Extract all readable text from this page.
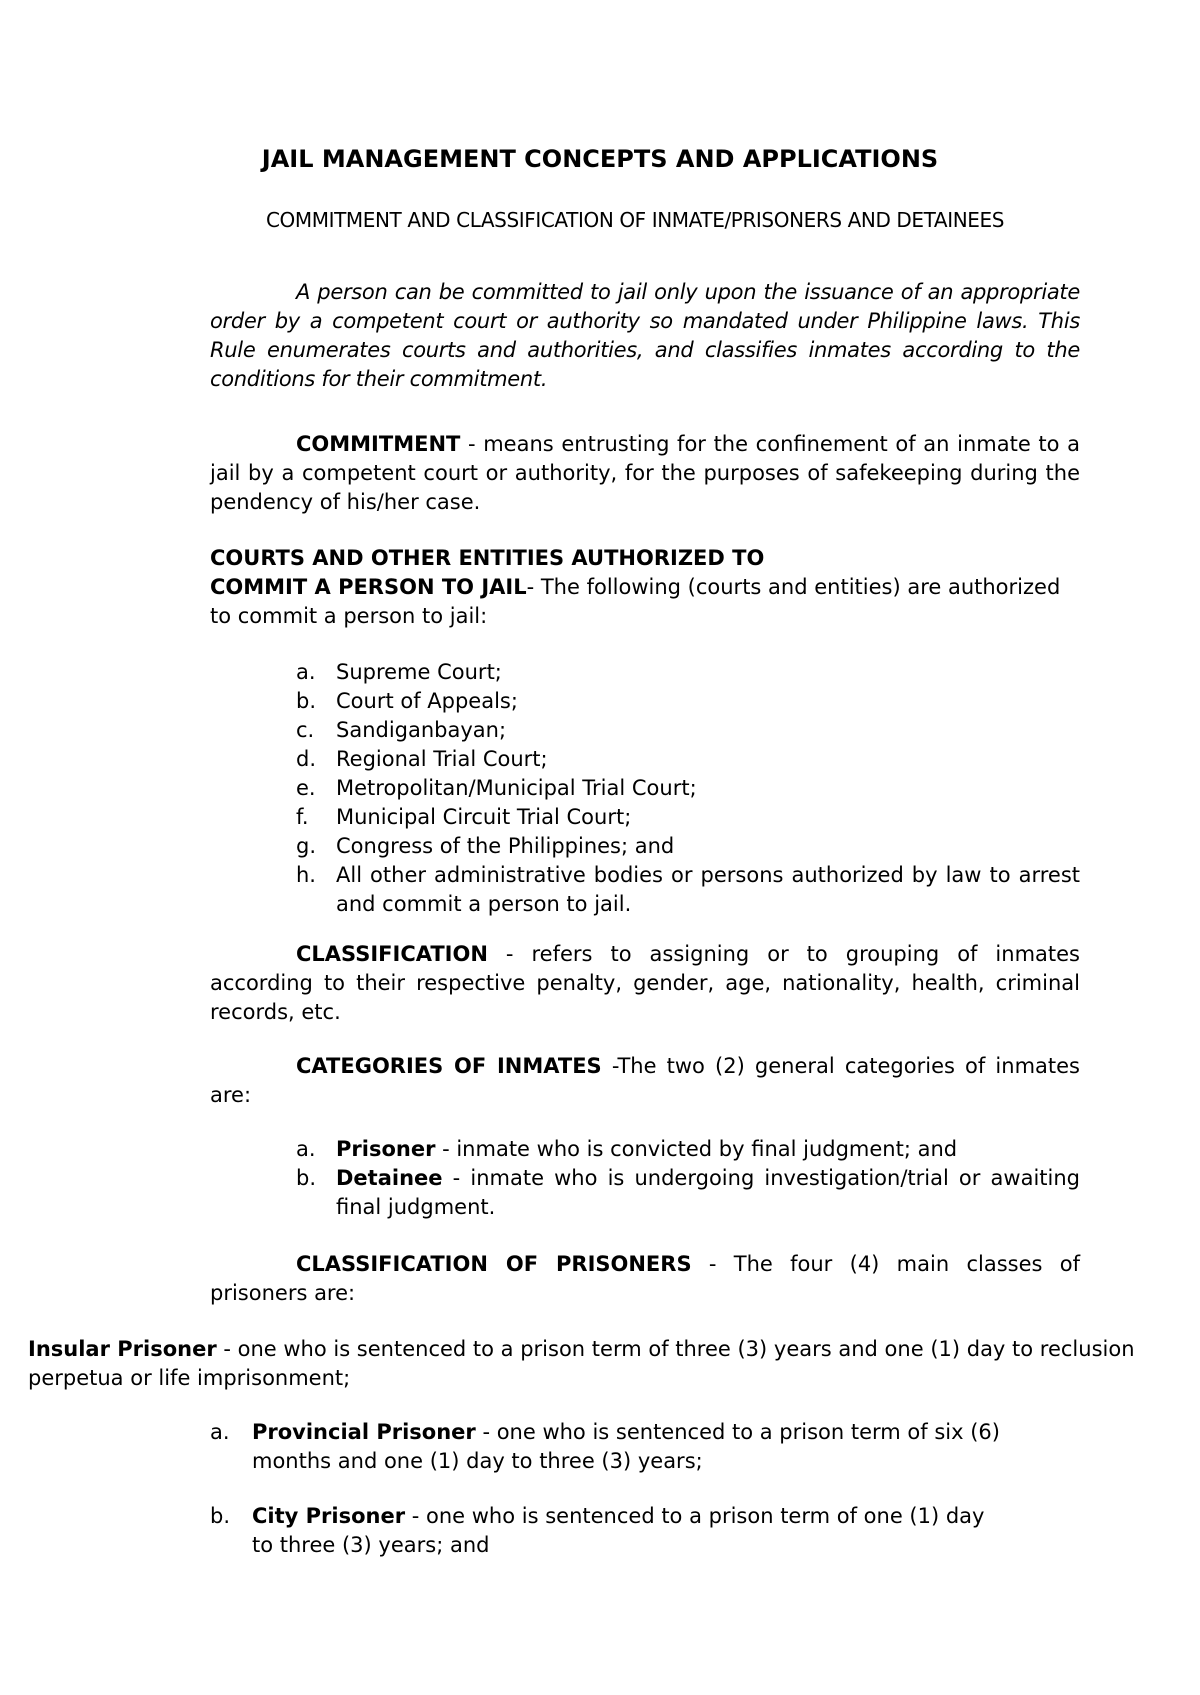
JAIL MANAGEMENT CONCEPTS AND APPLICATIONS
COMMITMENT AND CLASSIFICATION OF INMATE/PRISONERS AND DETAINEES

A person can be committed to jail only upon the issuance of an appropriate order by a competent court or authority so mandated under Philippine laws. This Rule enumerates courts and authorities, and classifies inmates according to the conditions for their commitment.

COMMITMENT - means entrusting for the confinement of an inmate to a jail by a competent court or authority, for the purposes of safekeeping during the pendency of his/her case.

COURTS AND OTHER ENTITIES AUTHORIZED TO
COMMIT A PERSON TO JAIL- The following (courts and entities) are authorized to commit a person to jail:
a. Supreme Court;
b. Court of Appeals;
c. Sandiganbayan;
d. Regional Trial Court;
e. Metropolitan/Municipal Trial Court;
f. Municipal Circuit Trial Court;
g. Congress of the Philippines; and
h. All other administrative bodies or persons authorized by law to arrest and commit a person to jail.

CLASSIFICATION - refers to assigning or to grouping of inmates according to their respective penalty, gender, age, nationality, health, criminal records, etc.

CATEGORIES OF INMATES -The two (2) general categories of inmates are:

a. Prisoner - inmate who is convicted by final judgment; and
b. Detainee - inmate who is undergoing investigation/trial or awaiting final judgment.

CLASSIFICATION OF PRISONERS - The four (4) main classes of prisoners are:

Insular Prisoner - one who is sentenced to a prison term of three (3) years and one (1) day to reclusion perpetua or life imprisonment;

a. Provincial Prisoner - one who is sentenced to a prison term of six (6) months and one (1) day to three (3) years;
b. City Prisoner - one who is sentenced to a prison term of one (1) day to three (3) years; and
